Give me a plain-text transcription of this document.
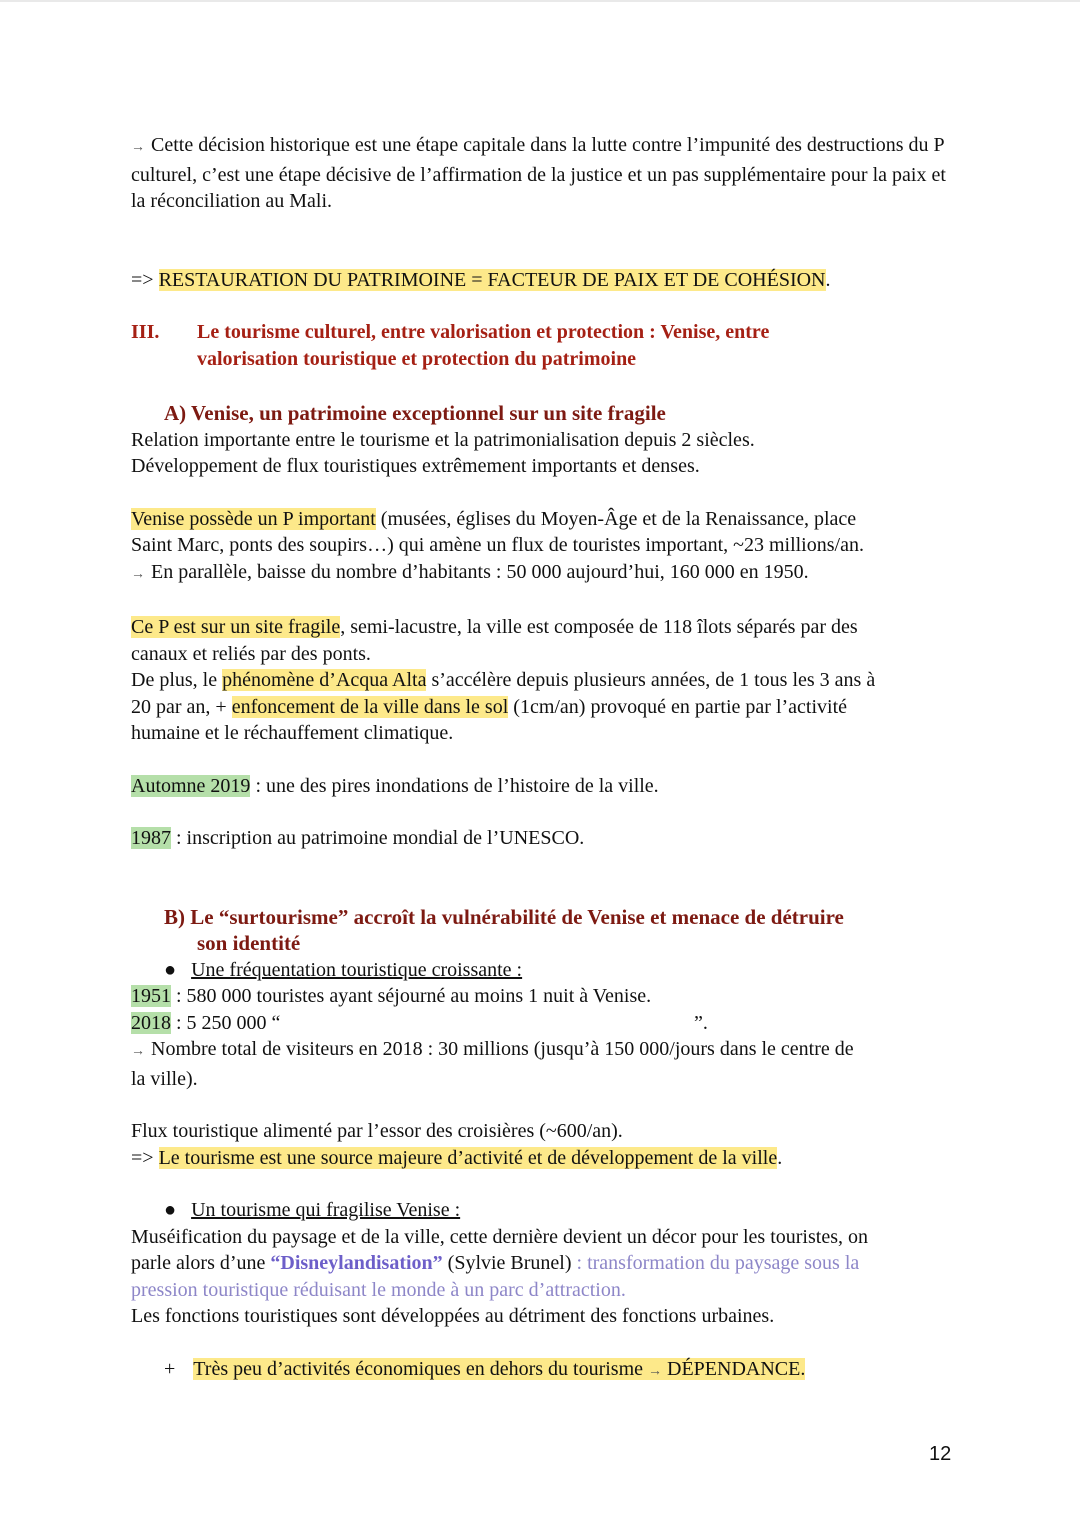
→ Cette décision historique est une étape capitale dans la lutte contre l’impunité des destructions du P culturel, c’est une étape décisive de l’affirmation de la justice et un pas supplémentaire pour la paix et la réconciliation au Mali.

=> RESTAURATION DU PATRIMOINE = FACTEUR DE PAIX ET DE COHÉSION.

III. Le tourisme culturel, entre valorisation et protection : Venise, entre

valorisation touristique et protection du patrimoine

A) Venise, un patrimoine exceptionnel sur un site fragile

Relation importante entre le tourisme et la patrimonialisation depuis 2 siècles.

Développement de flux touristiques extrêmement importants et denses.

Venise possède un P important (musées, églises du Moyen-Âge et de la Renaissance, place

Saint Marc, ponts des soupirs…) qui amène un flux de touristes important, ~23 millions/an.

→ En parallèle, baisse du nombre d’habitants : 50 000 aujourd’hui, 160 000 en 1950.

Ce P est sur un site fragile, semi-lacustre, la ville est composée de 118 îlots séparés par des

canaux et reliés par des ponts.

De plus, le phénomène d’Acqua Alta s’accélère depuis plusieurs années, de 1 tous les 3 ans à

20 par an, + enfoncement de la ville dans le sol (1cm/an) provoqué en partie par l’activité

humaine et le réchauffement climatique.

Automne 2019 : une des pires inondations de l’histoire de la ville.

1987 : inscription au patrimoine mondial de l’UNESCO.

B) Le “surtourisme” accroît la vulnérabilité de Venise et menace de détruire

son identité

●   Une fréquentation touristique croissante :

1951 : 580 000 touristes ayant séjourné au moins 1 nuit à Venise.

2018 : 5 250 000 “	”.

→ Nombre total de visiteurs en 2018 : 30 millions (jusqu’à 150 000/jours dans le centre de

la ville).

Flux touristique alimenté par l’essor des croisières (~600/an).

=> Le tourisme est une source majeure d’activité et de développement de la ville.

●   Un tourisme qui fragilise Venise :

Muséification du paysage et de la ville, cette dernière devient un décor pour les touristes, on

parle alors d’une “Disneylandisation” (Sylvie Brunel) : transformation du paysage sous la

pression touristique réduisant le monde à un parc d’attraction.

Les fonctions touristiques sont développées au détriment des fonctions urbaines.

+ Très peu d’activités économiques en dehors du tourisme → DÉPENDANCE.

12
